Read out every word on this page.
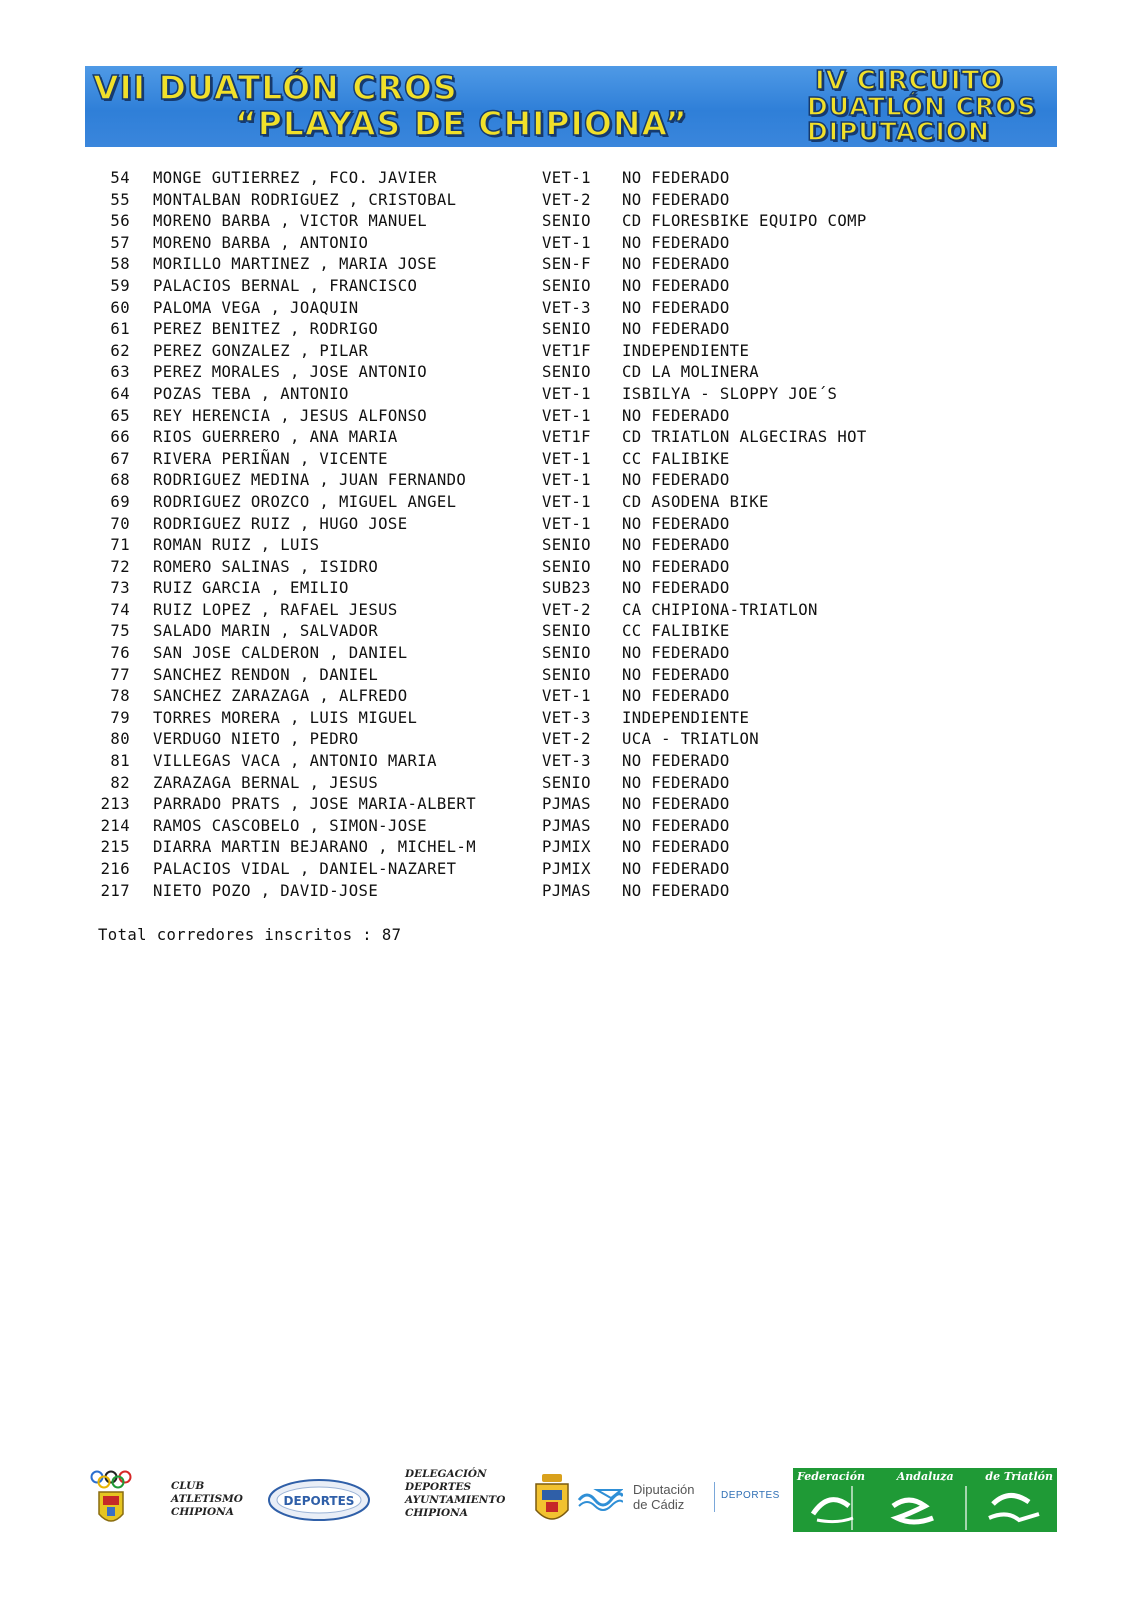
VII DUATLÓN CROS
“PLAYAS DE CHIPIONA”
IV CIRCUITO
DUATLÓN CROS
DIPUTACION
54 MONGE GUTIERREZ , FCO. JAVIER	VET-1 NO FEDERADO
55 MONTALBAN RODRIGUEZ , CRISTOBAL	VET-2 NO FEDERADO
56 MORENO BARBA , VICTOR MANUEL	SENIO CD FLORESBIKE EQUIPO COMP
57 MORENO BARBA , ANTONIO	VET-1 NO FEDERADO
58 MORILLO MARTINEZ , MARIA JOSE	SEN-F NO FEDERADO
59 PALACIOS BERNAL , FRANCISCO	SENIO NO FEDERADO
60 PALOMA VEGA , JOAQUIN	VET-3 NO FEDERADO
61 PEREZ BENITEZ , RODRIGO	SENIO NO FEDERADO
62 PEREZ GONZALEZ , PILAR	VET1F INDEPENDIENTE
63 PEREZ MORALES , JOSE ANTONIO	SENIO CD LA MOLINERA
64 POZAS TEBA , ANTONIO	VET-1 ISBILYA - SLOPPY JOE´S
65 REY HERENCIA , JESUS ALFONSO	VET-1 NO FEDERADO
66 RIOS GUERRERO , ANA MARIA	VET1F CD TRIATLON ALGECIRAS HOT
67 RIVERA PERIÑAN , VICENTE	VET-1 CC FALIBIKE
68 RODRIGUEZ MEDINA , JUAN FERNANDO	VET-1 NO FEDERADO
69 RODRIGUEZ OROZCO , MIGUEL ANGEL	VET-1 CD ASODENA BIKE
70 RODRIGUEZ RUIZ , HUGO JOSE	VET-1 NO FEDERADO
71 ROMAN RUIZ , LUIS	SENIO NO FEDERADO
72 ROMERO SALINAS , ISIDRO	SENIO NO FEDERADO
73 RUIZ GARCIA , EMILIO	SUB23 NO FEDERADO
74 RUIZ LOPEZ , RAFAEL JESUS	VET-2 CA CHIPIONA-TRIATLON
75 SALADO MARIN , SALVADOR	SENIO CC FALIBIKE
76 SAN JOSE CALDERON , DANIEL	SENIO NO FEDERADO
77 SANCHEZ RENDON , DANIEL	SENIO NO FEDERADO
78 SANCHEZ ZARAZAGA , ALFREDO	VET-1 NO FEDERADO
79 TORRES MORERA , LUIS MIGUEL	VET-3 INDEPENDIENTE
80 VERDUGO NIETO , PEDRO	VET-2 UCA - TRIATLON
81 VILLEGAS VACA , ANTONIO MARIA	VET-3 NO FEDERADO
82 ZARAZAGA BERNAL , JESUS	SENIO NO FEDERADO
213 PARRADO PRATS , JOSE MARIA-ALBERT	PJMAS NO FEDERADO
214 RAMOS CASCOBELO , SIMON-JOSE	PJMAS NO FEDERADO
215 DIARRA MARTIN BEJARANO , MICHEL-M	PJMIX NO FEDERADO
216 PALACIOS VIDAL , DANIEL-NAZARET	PJMIX NO FEDERADO
217 NIETO POZO , DAVID-JOSE	PJMAS NO FEDERADO
Total corredores inscritos : 87
CLUB
ATLETISMO
CHIPIONA
DEPORTES
DELEGACIÓN
DEPORTES
AYUNTAMIENTO
CHIPIONA
Diputación
de Cádiz
DEPORTES
Federación	Andaluza	de Triatlón
